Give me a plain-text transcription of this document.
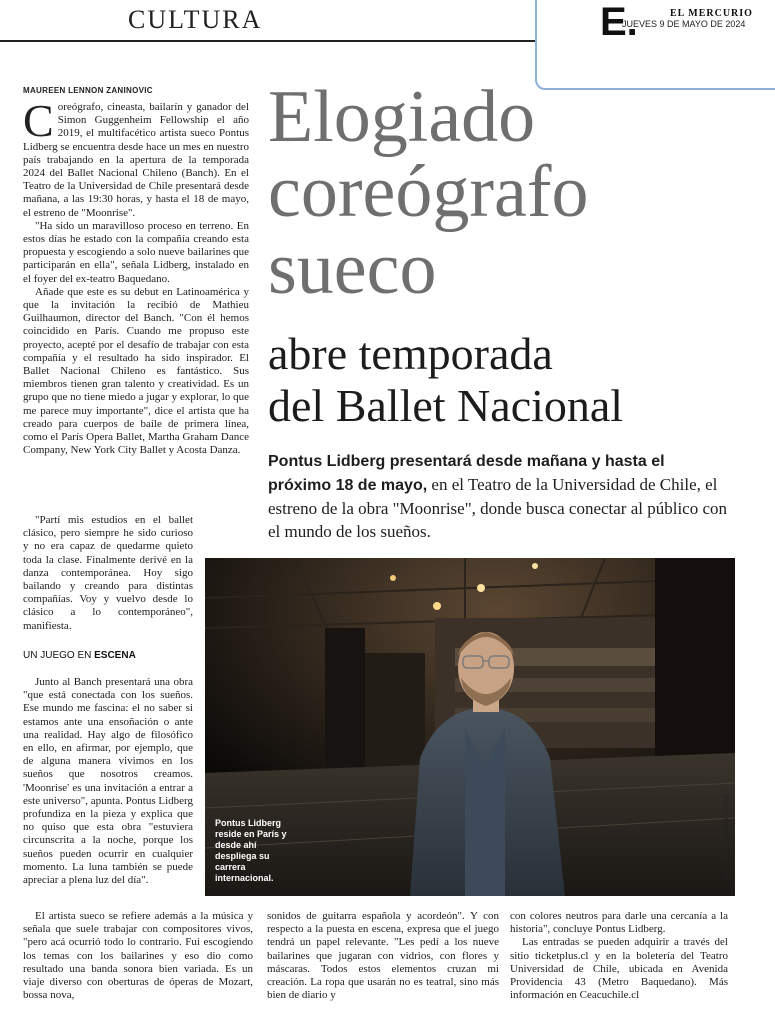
CULTURA	E.	EL MERCURIO
JUEVES 9 DE MAYO DE 2024
MAUREEN LENNON ZANINOVIC

Coreógrafo, cineasta, bailarín y ganador del Simon Guggenheim Fellowship el año 2019, el multifacético artista sueco Pontus Lidberg se encuentra desde hace un mes en nuestro país trabajando en la apertura de la temporada 2024 del Ballet Nacional Chileno (Banch). En el Teatro de la Universidad de Chile presentará desde mañana, a las 19:30 horas, y hasta el 18 de mayo, el estreno de "Moonrise".

"Ha sido un maravilloso proceso en terreno. En estos días he estado con la compañía creando esta propuesta y escogiendo a solo nueve bailarines que participarán en ella", señala Lidberg, instalado en el foyer del ex-teatro Baquedano.

Añade que este es su debut en Latinoamérica y que la invitación la recibió de Mathieu Guilhaumon, director del Banch. "Con él hemos coincidido en París. Cuando me propuso este proyecto, acepté por el desafío de trabajar con esta compañía y el resultado ha sido inspirador. El Ballet Nacional Chileno es fantástico. Sus miembros tienen gran talento y creatividad. Es un grupo que no tiene miedo a jugar y explorar, lo que me parece muy importante", dice el artista que ha creado para cuerpos de baile de primera línea, como el París Opera Ballet, Martha Graham Dance Company, New York City Ballet y Acosta Danza.

"Partí mis estudios en el ballet clásico, pero siempre he sido curioso y no era capaz de quedarme quieto toda la clase. Finalmente derivé en la danza contemporánea. Hoy sigo bailando y creando para distintas compañías. Voy y vuelvo desde lo clásico a lo contemporáneo", manifiesta.

UN JUEGO EN ESCENA

Junto al Banch presentará una obra "que está conectada con los sueños. Ese mundo me fascina: el no saber si estamos ante una ensoñación o ante una realidad. Hay algo de filosófico en ello, en afirmar, por ejemplo, que de alguna manera vivimos en los sueños que nosotros creamos. 'Moonrise' es una invitación a entrar a este universo", apunta. Pontus Lidberg profundiza en la pieza y explica que no quiso que esta obra "estuviera circunscrita a la noche, porque los sueños pueden ocurrir en cualquier momento. La luna también se puede apreciar a plena luz del día".

El artista sueco se refiere además a la música y señala que suele trabajar con compositores vivos, "pero acá ocurrió todo lo contrario. Fui escogiendo los temas con los bailarines y eso dio como resultado una banda sonora bien variada. Es un viaje diverso con oberturas de óperas de Mozart, bossa nova,

sonidos de guitarra española y acordeón". Y con respecto a la puesta en escena, expresa que el juego tendrá un papel relevante. "Les pedí a los nueve bailarines que jugaran con vidrios, con flores y máscaras. Todos estos elementos cruzan mi creación. La ropa que usarán no es teatral, sino más bien de diario y

con colores neutros para darle una cercanía a la historia", concluye Pontus Lidberg.

Las entradas se pueden adquirir a través del sitio ticketplus.cl y en la boletería del Teatro Universidad de Chile, ubicada en Avenida Providencia 43 (Metro Baquedano). Más información en Ceacuchile.cl

Elogiado
coreógrafo
sueco
abre temporada
del Ballet Nacional
Pontus Lidberg presentará desde mañana y hasta el próximo 18 de mayo, en el Teatro de la Universidad de Chile, el estreno de la obra "Moonrise", donde busca conectar al público con el mundo de los sueños.
Pontus Lidberg reside en París y desde ahí despliega su carrera internacional.	FOTO: ALEXIS IBAÑEZ LOPEZ
